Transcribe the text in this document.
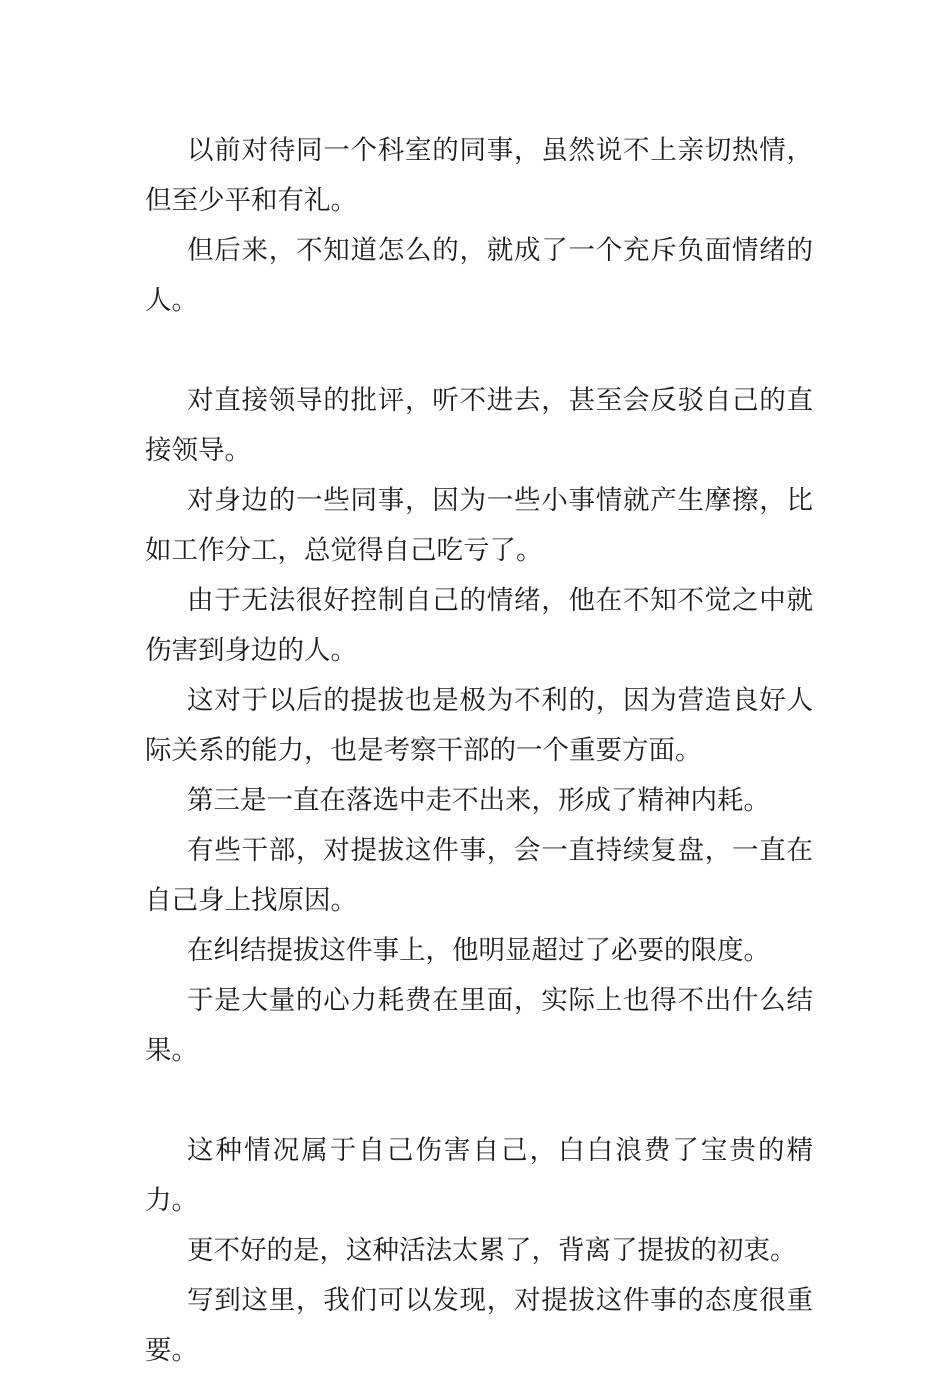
以前对待同一个科室的同事，虽然说不上亲切热情，但至少平和有礼。

但后来，不知道怎么的，就成了一个充斥负面情绪的人。

对直接领导的批评，听不进去，甚至会反驳自己的直接领导。

对身边的一些同事，因为一些小事情就产生摩擦，比如工作分工，总觉得自己吃亏了。

由于无法很好控制自己的情绪，他在不知不觉之中就伤害到身边的人。

这对于以后的提拔也是极为不利的，因为营造良好人际关系的能力，也是考察干部的一个重要方面。

第三是一直在落选中走不出来，形成了精神内耗。

有些干部，对提拔这件事，会一直持续复盘，一直在自己身上找原因。

在纠结提拔这件事上，他明显超过了必要的限度。

于是大量的心力耗费在里面，实际上也得不出什么结果。

这种情况属于自己伤害自己，白白浪费了宝贵的精力。

更不好的是，这种活法太累了，背离了提拔的初衷。

写到这里，我们可以发现，对提拔这件事的态度很重要。
